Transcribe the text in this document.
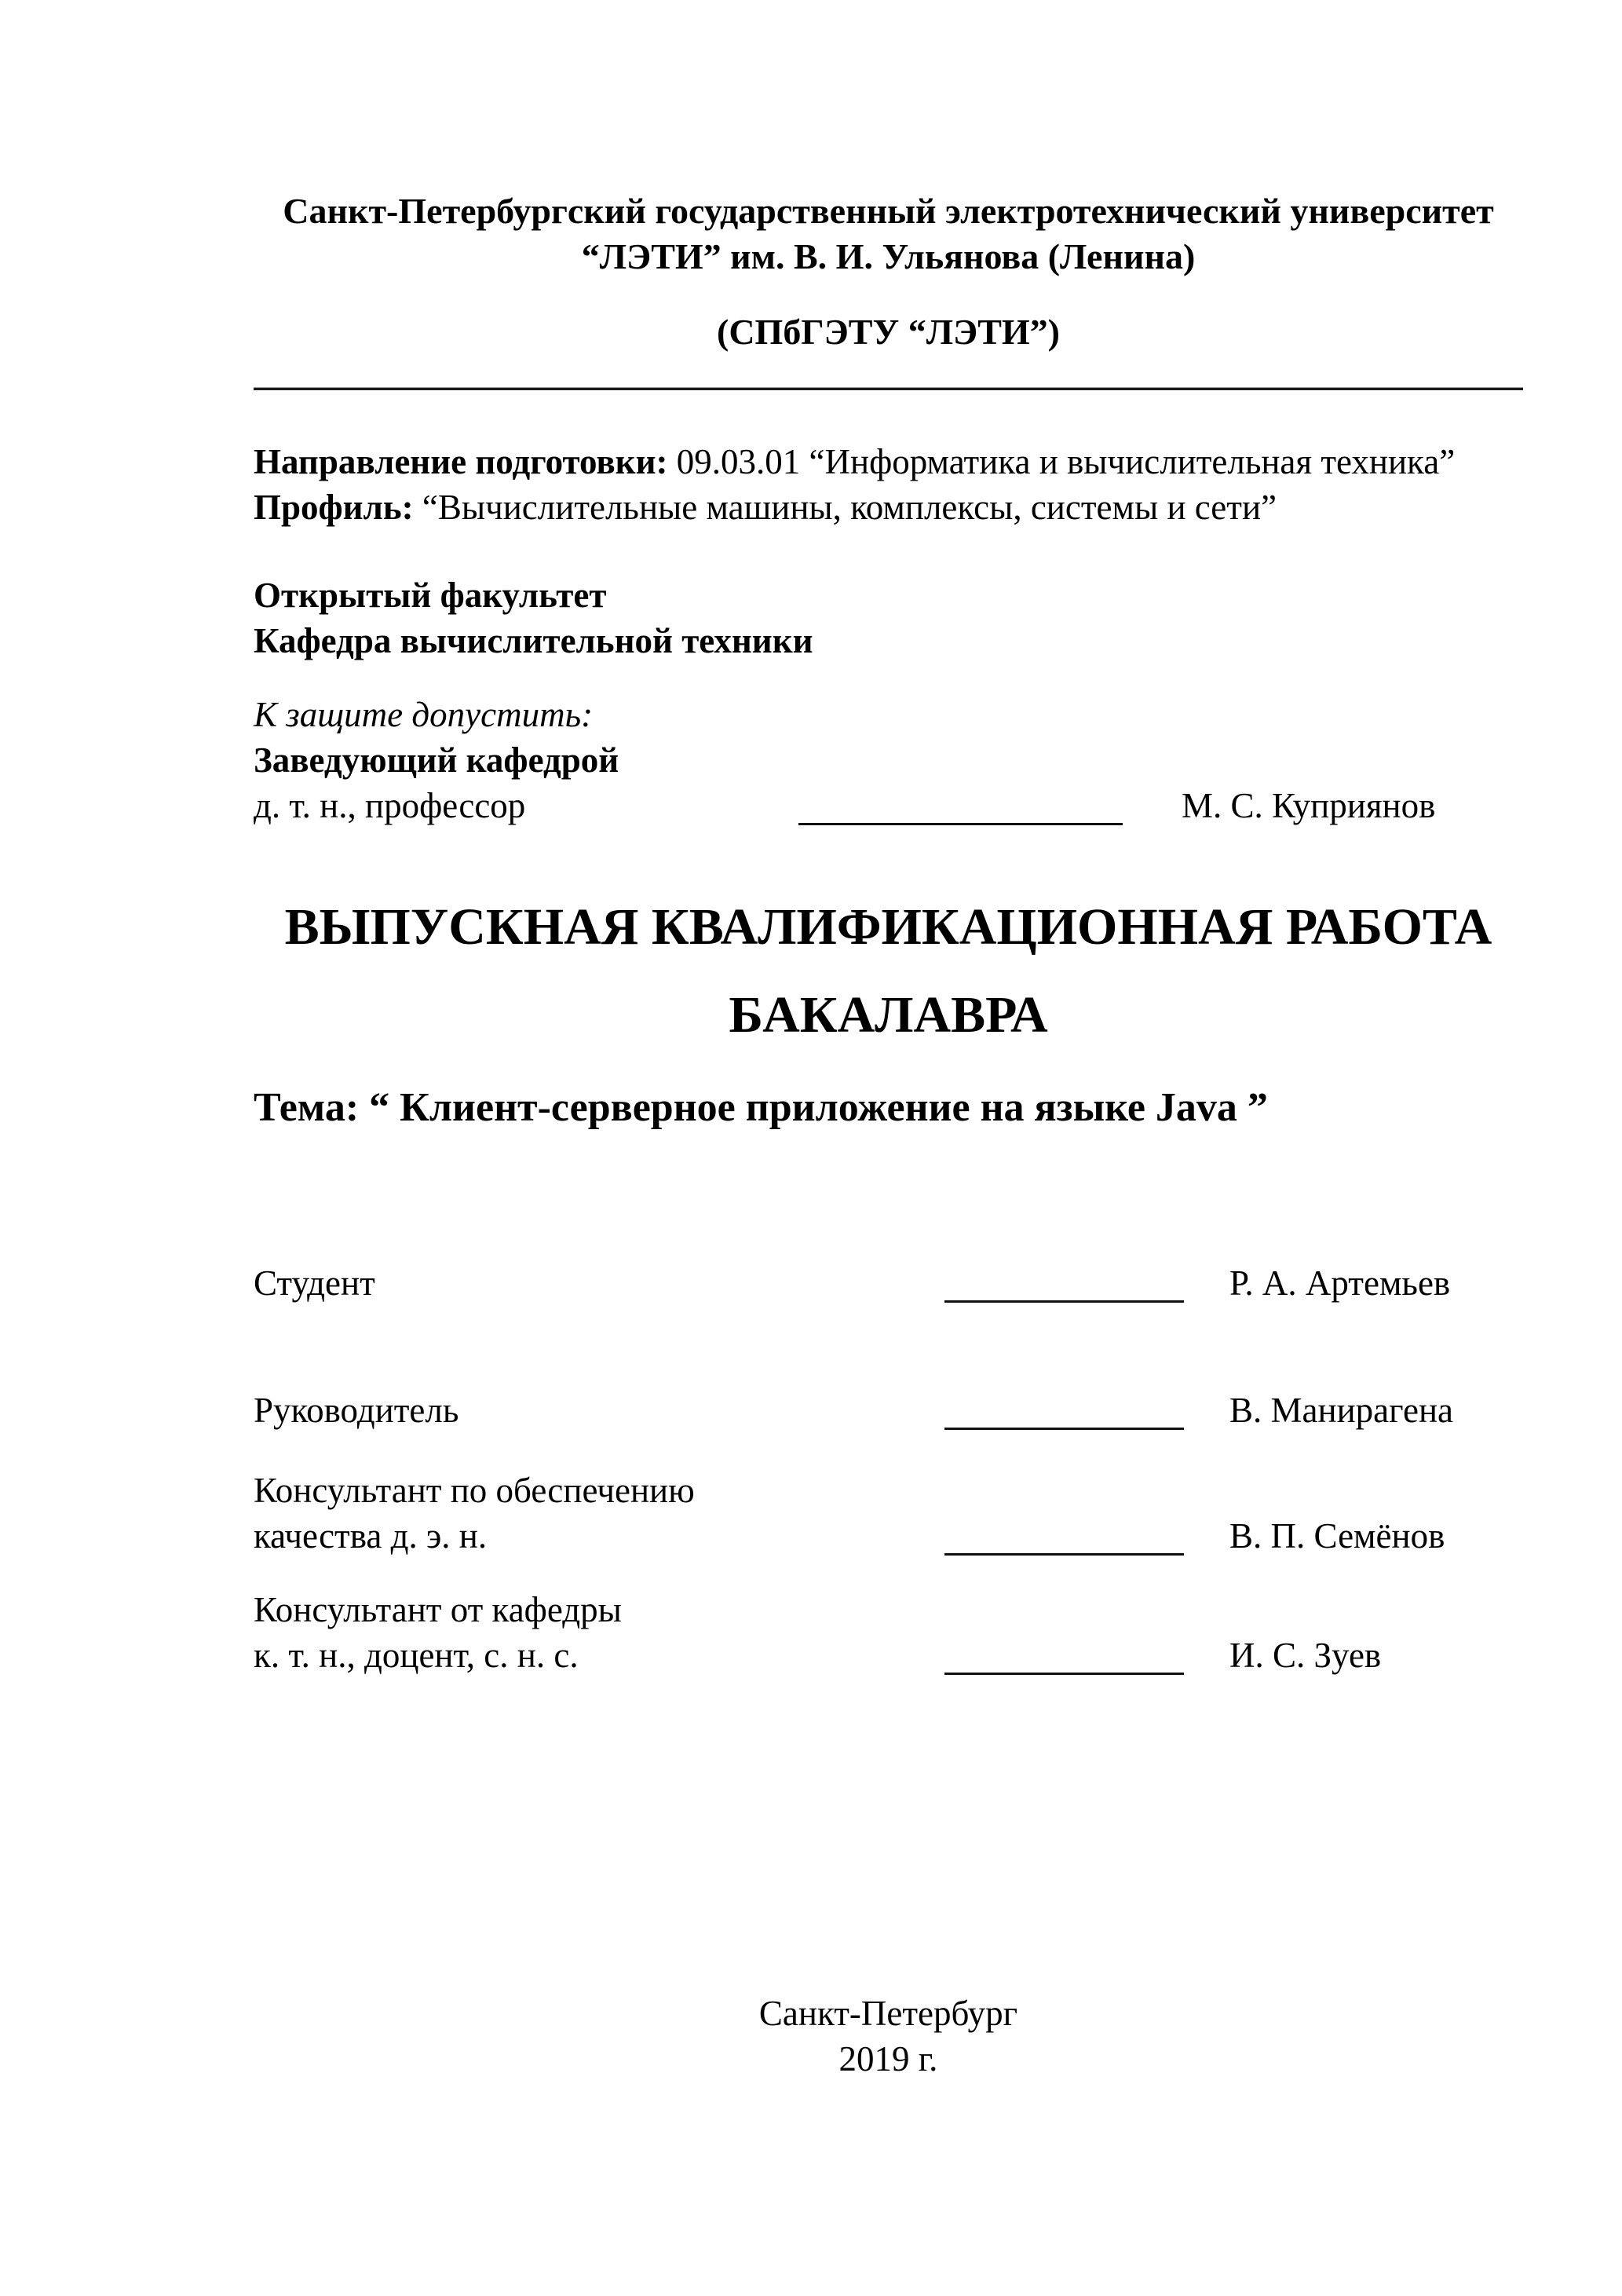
Санкт-Петербургский государственный электротехнический университет
“ЛЭТИ” им. В. И. Ульянова (Ленина)
(СПбГЭТУ “ЛЭТИ”)
Направление подготовки: 09.03.01 “Информатика и вычислительная техника”
Профиль: “Вычислительные машины, комплексы, системы и сети”
Открытый факультет
Кафедра вычислительной техники
К защите допустить:
Заведующий кафедрой
д. т. н., профессор	М. С. Куприянов
ВЫПУСКНАЯ КВАЛИФИКАЦИОННАЯ РАБОТА
БАКАЛАВРА
Тема: “ Клиент-серверное приложение на языке Java ”
Студент	Р. А. Артемьев
Руководитель	В. Манирагена
Консультант по обеспечению
качества д. э. н.	В. П. Семёнов
Консультант от кафедры
к. т. н., доцент, с. н. с.	И. С. Зуев
Санкт-Петербург
2019 г.
